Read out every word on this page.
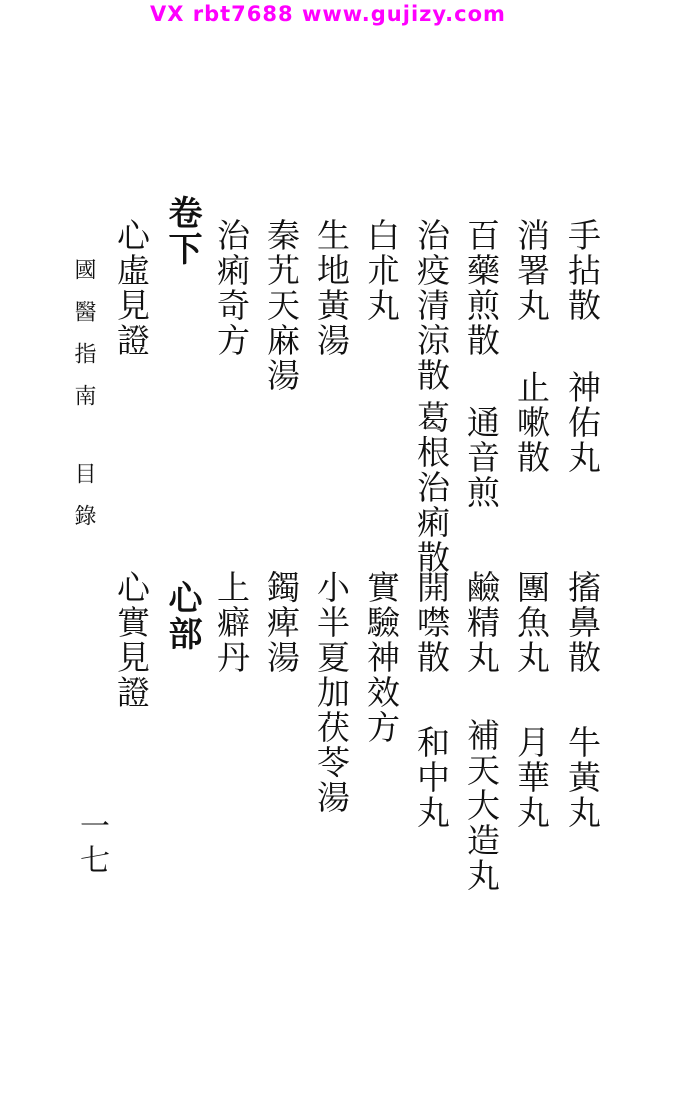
VX rbt7688 www.gujizy.com
手拈散
搐鼻散
神佑丸
牛黃丸
消署丸
團魚丸
止嗽散
月華丸
百藥煎散
鹼精丸
通音煎
補天大造丸
治疫清涼散
開噤散
葛根治痢散
和中丸
白朮丸
實驗神效方
生地黃湯
小半夏加茯苓湯
秦艽天麻湯
鐲痺湯
治痢奇方
上癖丹
卷下
心部
心虛見證
心實見證
國醫指南
目錄
一七
